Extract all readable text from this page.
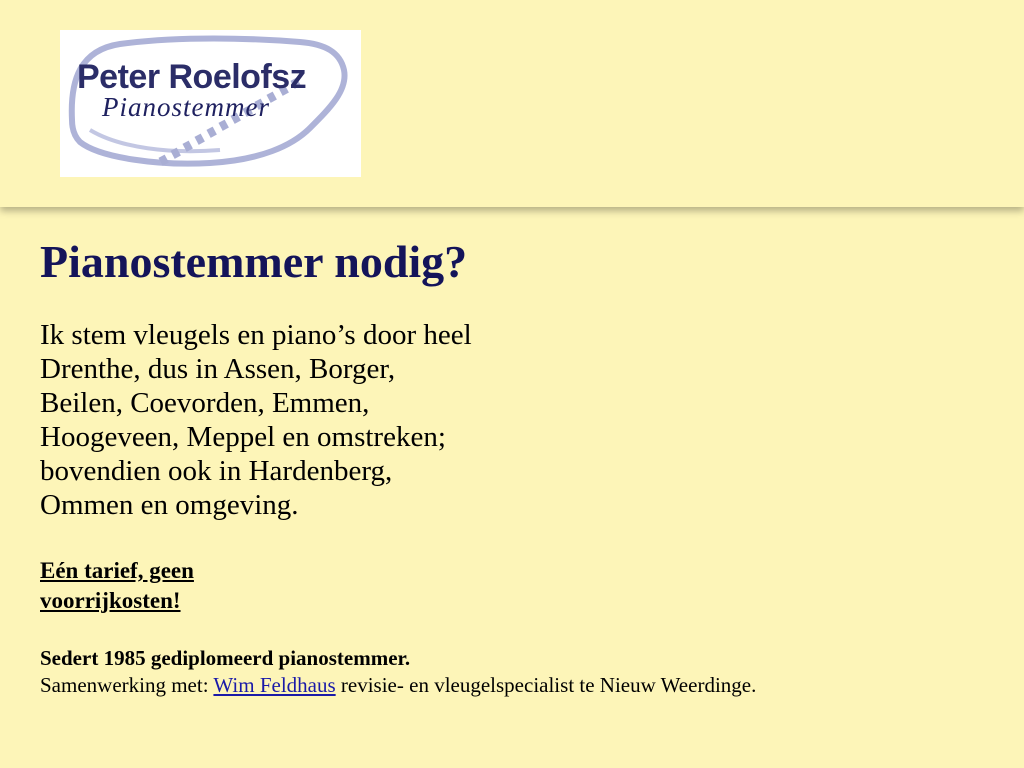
Peter Roelofsz
Pianostemmer
Pianostemmer nodig?

Ik stem vleugels en piano’s door heel
Drenthe, dus in Assen, Borger,
Beilen, Coevorden, Emmen,
Hoogeveen, Meppel en omstreken;
bovendien ook in Hardenberg,
Ommen en omgeving.

Eén tarief, geen
voorrijkosten!
Sedert 1985 gediplomeerd pianostemmer.
Samenwerking met: Wim Feldhaus revisie- en vleugelspecialist te Nieuw Weerdinge.
